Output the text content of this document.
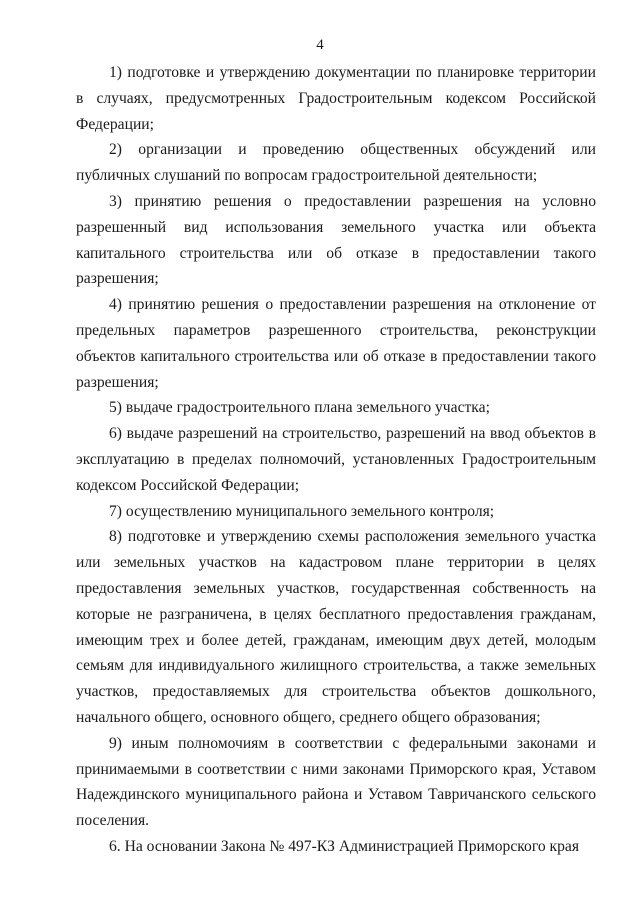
4

1) подготовке и утверждению документации по планировке территории в случаях, предусмотренных Градостроительным кодексом Российской Федерации;

2) организации и проведению общественных обсуждений или публичных слушаний по вопросам градостроительной деятельности;

3) принятию решения о предоставлении разрешения на условно разрешенный вид использования земельного участка или объекта капитального строительства или об отказе в предоставлении такого разрешения;

4) принятию решения о предоставлении разрешения на отклонение от предельных параметров разрешенного строительства, реконструкции объектов капитального строительства или об отказе в предоставлении такого разрешения;

5) выдаче градостроительного плана земельного участка;

6) выдаче разрешений на строительство, разрешений на ввод объектов в эксплуатацию в пределах полномочий, установленных Градостроительным кодексом Российской Федерации;

7) осуществлению муниципального земельного контроля;

8) подготовке и утверждению схемы расположения земельного участка или земельных участков на кадастровом плане территории в целях предоставления земельных участков, государственная собственность на которые не разграничена, в целях бесплатного предоставления гражданам, имеющим трех и более детей, гражданам, имеющим двух детей, молодым семьям для индивидуального жилищного строительства, а также земельных участков, предоставляемых для строительства объектов дошкольного, начального общего, основного общего, среднего общего образования;

9) иным полномочиям в соответствии с федеральными законами и принимаемыми в соответствии с ними законами Приморского края, Уставом Надеждинского муниципального района и Уставом Тавричанского сельского поселения.

6. На основании Закона № 497-КЗ Администрацией Приморского края
